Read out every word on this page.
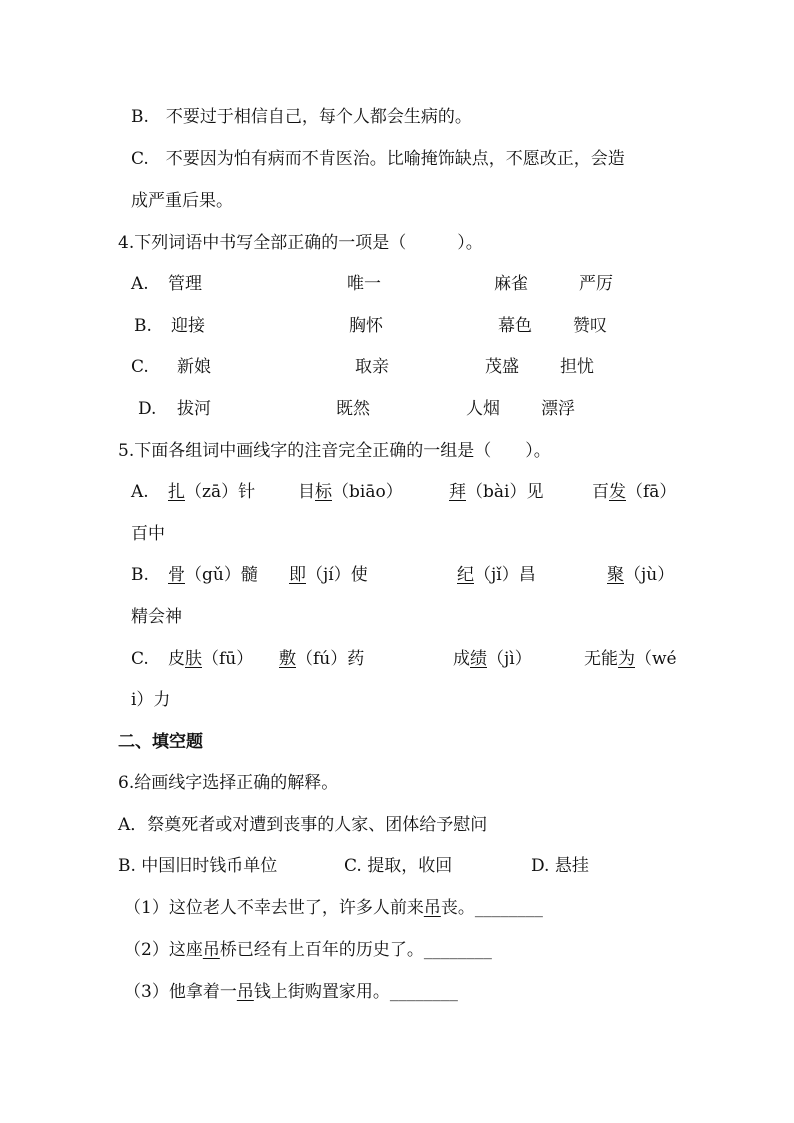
B.　不要过于相信自己，每个人都会生病的。
C.　不要因为怕有病而不肯医治。比喻掩饰缺点，不愿改正，会造
成严重后果。
4.下列词语中书写全部正确的一项是（　　　）。
A. 管理	唯一	麻雀	严厉
B. 迎接	胸怀	幕色 赞叹
C. 新娘	取亲	茂盛 担忧
D. 拔河	既然	人烟 漂浮
5.下面各组词中画线字的注音完全正确的一组是（　　）。
A. 扎（zā）针	目标（biāo）	拜（bài）见	百发（fā）
百中
B. 骨（gǔ）髓 即（jí）使	纪（jǐ）昌	聚（jù）
精会神
C. 皮肤（fū） 敷（fú）药	成绩（jì）	无能为（wé
i）力
二、填空题
6.给画线字选择正确的解释。
A．祭奠死者或对遭到丧事的人家、团体给予慰问
B. 中国旧时钱币单位	C. 提取，收回	D. 悬挂
（1）这位老人不幸去世了，许多人前来吊丧。________
（2）这座吊桥已经有上百年的历史了。________
（3）他拿着一吊钱上街购置家用。________
